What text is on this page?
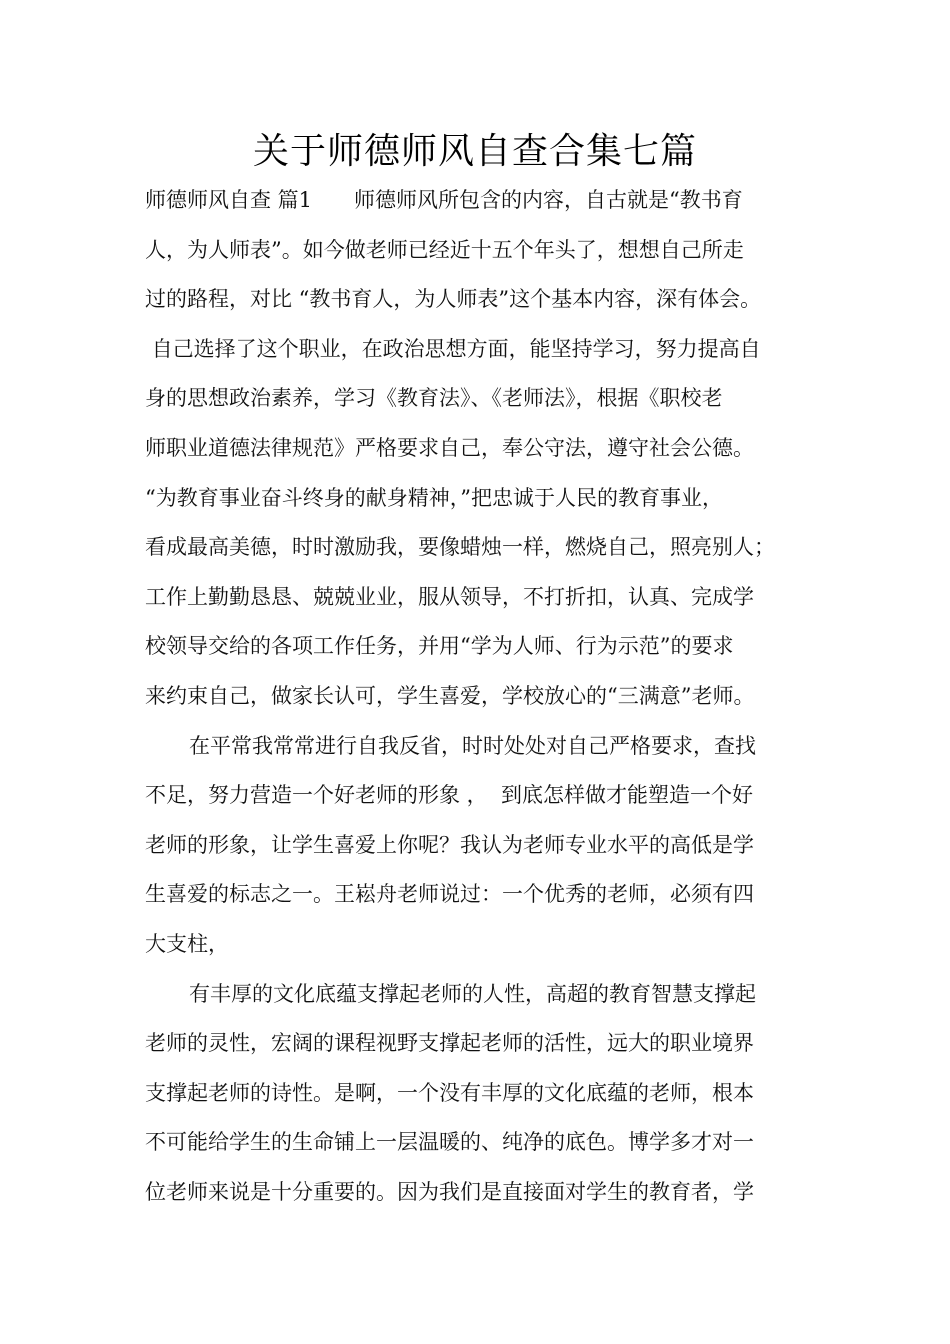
关于师德师风自查合集七篇
师德师风自查 篇1　　师德师风所包含的内容，自古就是“教书育
人，为人师表”。如今做老师已经近十五个年头了，想想自己所走
过的路程，对比 “教书育人，为人师表”这个基本内容，深有体会。
自己选择了这个职业，在政治思想方面，能坚持学习，努力提高自
身的思想政治素养，学习《教育法》、《老师法》，根据《职校老
师职业道德法律规范》严格要求自己，奉公守法，遵守社会公德。
“为教育事业奋斗终身的献身精神，”把忠诚于人民的教育事业，
看成最高美德，时时激励我，要像蜡烛一样，燃烧自己，照亮别人；
工作上勤勤恳恳、兢兢业业，服从领导，不打折扣，认真、完成学
校领导交给的各项工作任务，并用“学为人师、行为示范”的要求
来约束自己，做家长认可，学生喜爱，学校放心的“三满意”老师。
在平常我常常进行自我反省，时时处处对自己严格要求，查找
不足，努力营造一个好老师的形象 ，  到底怎样做才能塑造一个好
老师的形象，让学生喜爱上你呢？我认为老师专业水平的高低是学
生喜爱的标志之一。王崧舟老师说过：一个优秀的老师，必须有四
大支柱，
有丰厚的文化底蕴支撑起老师的人性，高超的教育智慧支撑起
老师的灵性，宏阔的课程视野支撑起老师的活性，远大的职业境界
支撑起老师的诗性。是啊，一个没有丰厚的文化底蕴的老师，根本
不可能给学生的生命铺上一层温暖的、纯净的底色。博学多才对一
位老师来说是十分重要的。因为我们是直接面对学生的教育者，学
